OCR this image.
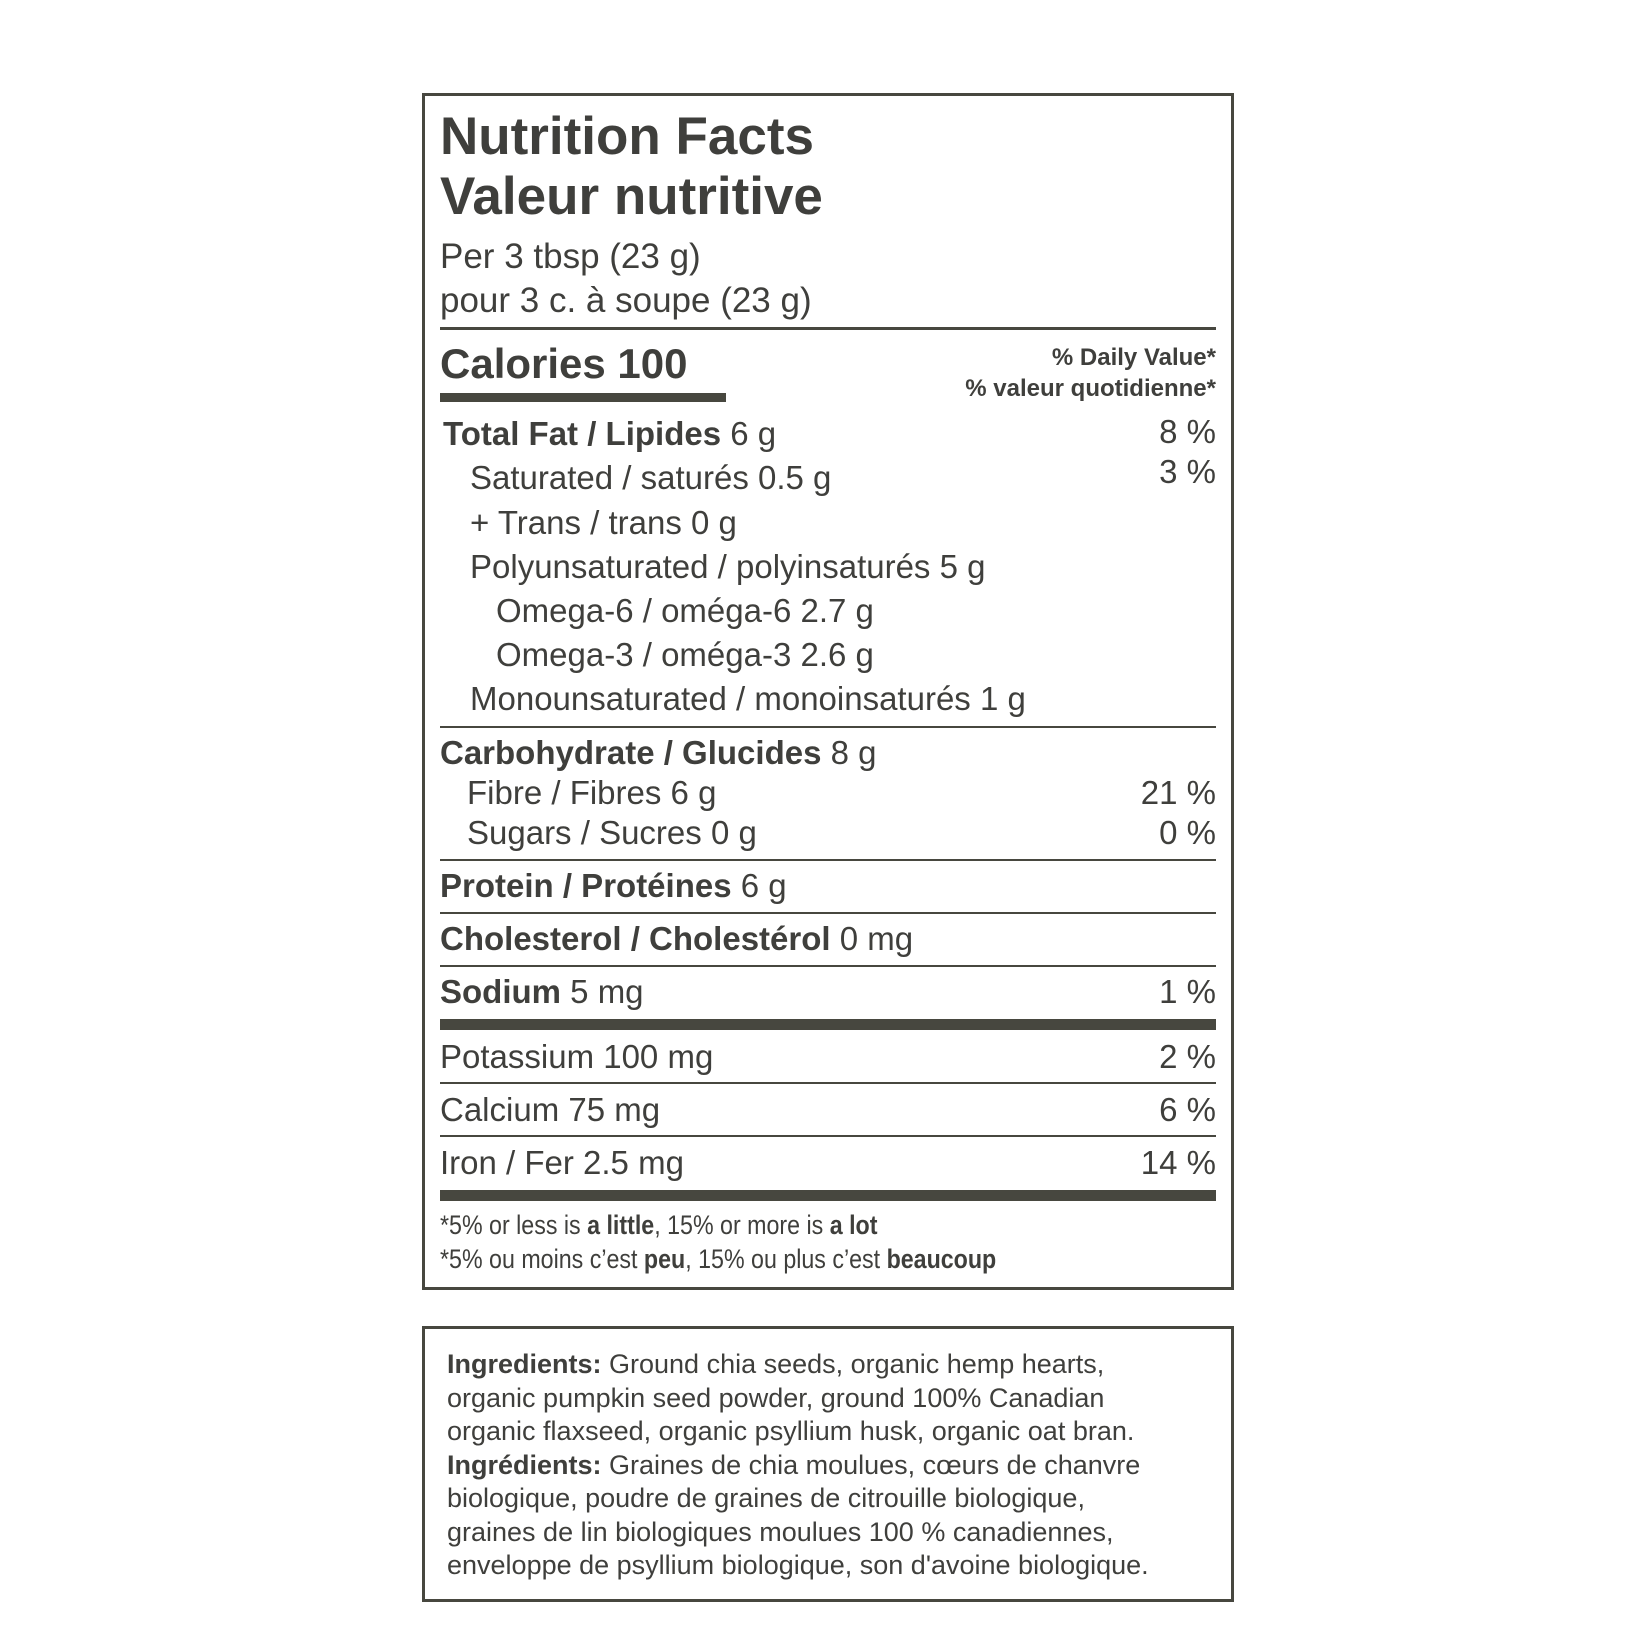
Nutrition Facts
Valeur nutritive
Per 3 tbsp (23 g)
pour 3 c. à soupe (23 g)
Calories 100	% Daily Value*
% valeur quotidienne*
Total Fat / Lipides 6 g	8 %
Saturated / saturés 0.5 g	3 %
+ Trans / trans 0 g
Polyunsaturated / polyinsaturés 5 g
Omega-6 / oméga-6 2.7 g
Omega-3 / oméga-3 2.6 g
Monounsaturated / monoinsaturés 1 g
Carbohydrate / Glucides 8 g
Fibre / Fibres 6 g	21 %
Sugars / Sucres 0 g	0 %
Protein / Protéines 6 g
Cholesterol / Cholestérol 0 mg
Sodium 5 mg	1 %
Potassium 100 mg	2 %
Calcium 75 mg	6 %
Iron / Fer 2.5 mg	14 %
*5% or less is a little, 15% or more is a lot
*5% ou moins c’est peu, 15% ou plus c’est beaucoup
Ingredients: Ground chia seeds, organic hemp hearts,
organic pumpkin seed powder, ground 100% Canadian
organic flaxseed, organic psyllium husk, organic oat bran.
Ingrédients: Graines de chia moulues, cœurs de chanvre
biologique, poudre de graines de citrouille biologique,
graines de lin biologiques moulues 100 % canadiennes,
enveloppe de psyllium biologique, son d'avoine biologique.
